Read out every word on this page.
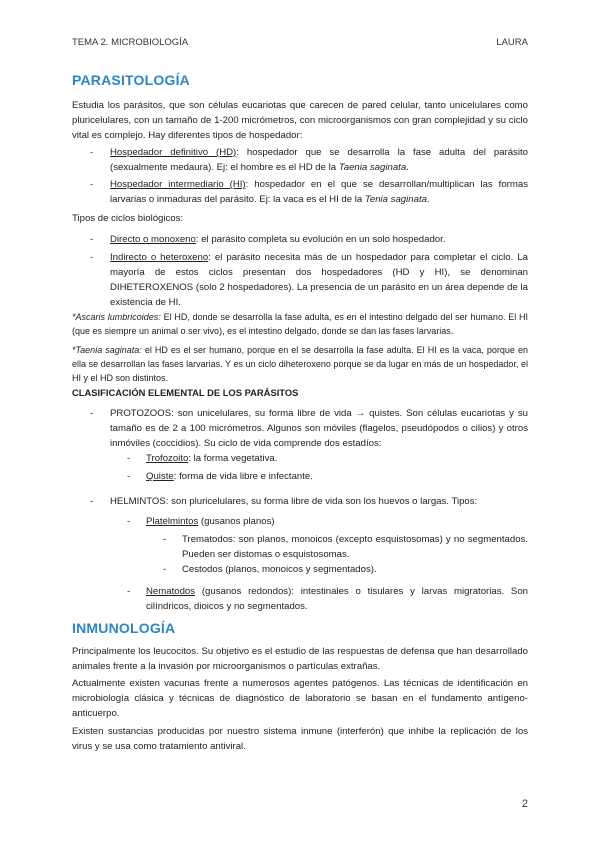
TEMA 2. MICROBIOLOGÍA	LAURA
PARASITOLOGÍA

Estudia los parásitos, que son células eucariotas que carecen de pared celular, tanto unicelulares como pluricelulares, con un tamaño de 1-200 micrómetros, con microorganismos con gran complejidad y su ciclo vital es complejo. Hay diferentes tipos de hospedador:

- Hospedador definitivo (HD): hospedador que se desarrolla la fase adulta del parásito (sexualmente medaura). Ej: el hombre es el HD de la Taenia saginata.

- Hospedador intermediario (HI): hospedador en el que se desarrollan/multiplican las formas larvarias o inmaduras del parásito. Ej: la vaca es el HI de la Tenia saginata.

Tipos de ciclos biológicos:

- Directo o monoxeno: el parásito completa su evolución en un solo hospedador.

- Indirecto o heteroxeno: el parásito necesita más de un hospedador para completar el ciclo. La mayoría de estos ciclos presentan dos hospedadores (HD y HI), se denominan DIHETEROXENOS (solo 2 hospedadores). La presencia de un parásito en un área depende de la existencia de HI.

*Ascaris lumbricoides: El HD, donde se desarrolla la fase adulta, es en el intestino delgado del ser humano. El HI (que es siempre un animal o ser vivo), es el intestino delgado, donde se dan las fases larvarias.

*Taenia saginata: el HD es el ser humano, porque en el se desarrolla la fase adulta. El HI es la vaca, porque en ella se desarrollan las fases larvarias. Y es un ciclo diheteroxeno porque se da lugar en más de un hospedador, el HI y el HD son distintos.

CLASIFICACIÓN ELEMENTAL DE LOS PARÁSITOS
- PROTOZOOS: son unicelulares, su forma libre de vida → quistes. Son células eucariotas y su tamaño es de 2 a 100 micrómetros. Algunos son móviles (flagelos, pseudópodos o cilios) y otros inmóviles (coccidios). Su ciclo de vida comprende dos estadíos:

- Trofozoito: la forma vegetativa.

- Quiste: forma de vida libre e infectante.

- HELMINTOS: son pluricelulares, su forma libre de vida son los huevos o largas. Tipos:

- Platelmintos (gusanos planos)

- Trematodos: son planos, monoicos (excepto esquistosomas) y no segmentados. Pueden ser distomas o esquistosomas.

- Cestodos (planos, monoicos y segmentados).

- Nematodos (gusanos redondos): intestinales o tisulares y larvas migratorias. Son cilíndricos, dioicos y no segmentados.

INMUNOLOGÍA

Principalmente los leucocitos. Su objetivo es el estudio de las respuestas de defensa que han desarrollado animales frente a la invasión por microorganismos o partículas extrañas.

Actualmente existen vacunas frente a numerosos agentes patógenos. Las técnicas de identificación en microbiología clásica y técnicas de diagnóstico de laboratorio se basan en el fundamento antígeno-anticuerpo.

Existen sustancias producidas por nuestro sistema inmune (interferón) que inhibe la replicación de los virus y se usa como tratamiento antiviral.

2
